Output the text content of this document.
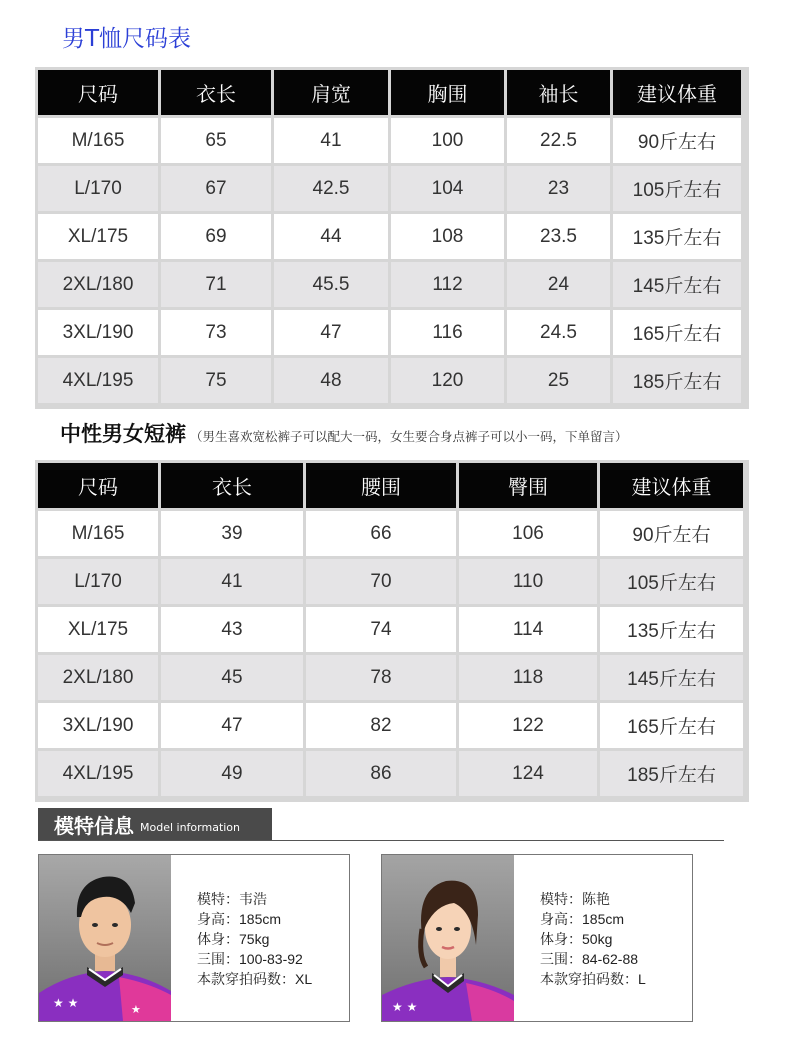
男T恤尺码表
尺码	衣长	肩宽	胸围	袖长	建议体重
M/165	65	41	100	22.5	90斤左右
L/170	67	42.5	104	23	105斤左右
XL/175	69	44	108	23.5	135斤左右
2XL/180	71	45.5	112	24	145斤左右
3XL/190	73	47	116	24.5	165斤左右
4XL/195	75	48	120	25	185斤左右
中性男女短裤 （男生喜欢宽松裤子可以配大一码，女生要合身点裤子可以小一码，下单留言）
尺码	衣长	腰围	臀围	建议体重
M/165	39	66	106	90斤左右
L/170	41	70	110	105斤左右
XL/175	43	74	114	135斤左右
2XL/180	45	78	118	145斤左右
3XL/190	47	82	122	165斤左右
4XL/195	49	86	124	185斤左右
模特信息 Model information
★ ★	★
模特：韦浩
身高：185cm
体身：75kg
三围：100-83-92
本款穿拍码数：XL
★ ★
模特：陈艳
身高：185cm
体身：50kg
三围：84-62-88
本款穿拍码数：L
